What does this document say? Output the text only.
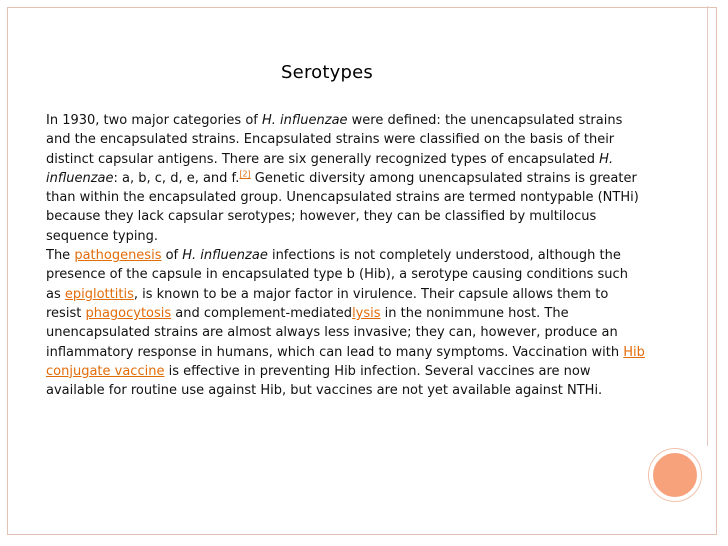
Serotypes
In 1930, two major categories of H. influenzae were defined: the unencapsulated strains and the encapsulated strains. Encapsulated strains were classified on the basis of their distinct capsular antigens. There are six generally recognized types of encapsulated H. influenzae: a, b, c, d, e, and f.[2] Genetic diversity among unencapsulated strains is greater than within the encapsulated group. Unencapsulated strains are termed nontypable (NTHi) because they lack capsular serotypes; however, they can be classified by multilocus sequence typing.
The pathogenesis of H. influenzae infections is not completely understood, although the presence of the capsule in encapsulated type b (Hib), a serotype causing conditions such as epiglottitis, is known to be a major factor in virulence. Their capsule allows them to resist phagocytosis and complement-mediatedlysis in the nonimmune host. The unencapsulated strains are almost always less invasive; they can, however, produce an inflammatory response in humans, which can lead to many symptoms. Vaccination with Hib conjugate vaccine is effective in preventing Hib infection. Several vaccines are now available for routine use against Hib, but vaccines are not yet available against NTHi.
